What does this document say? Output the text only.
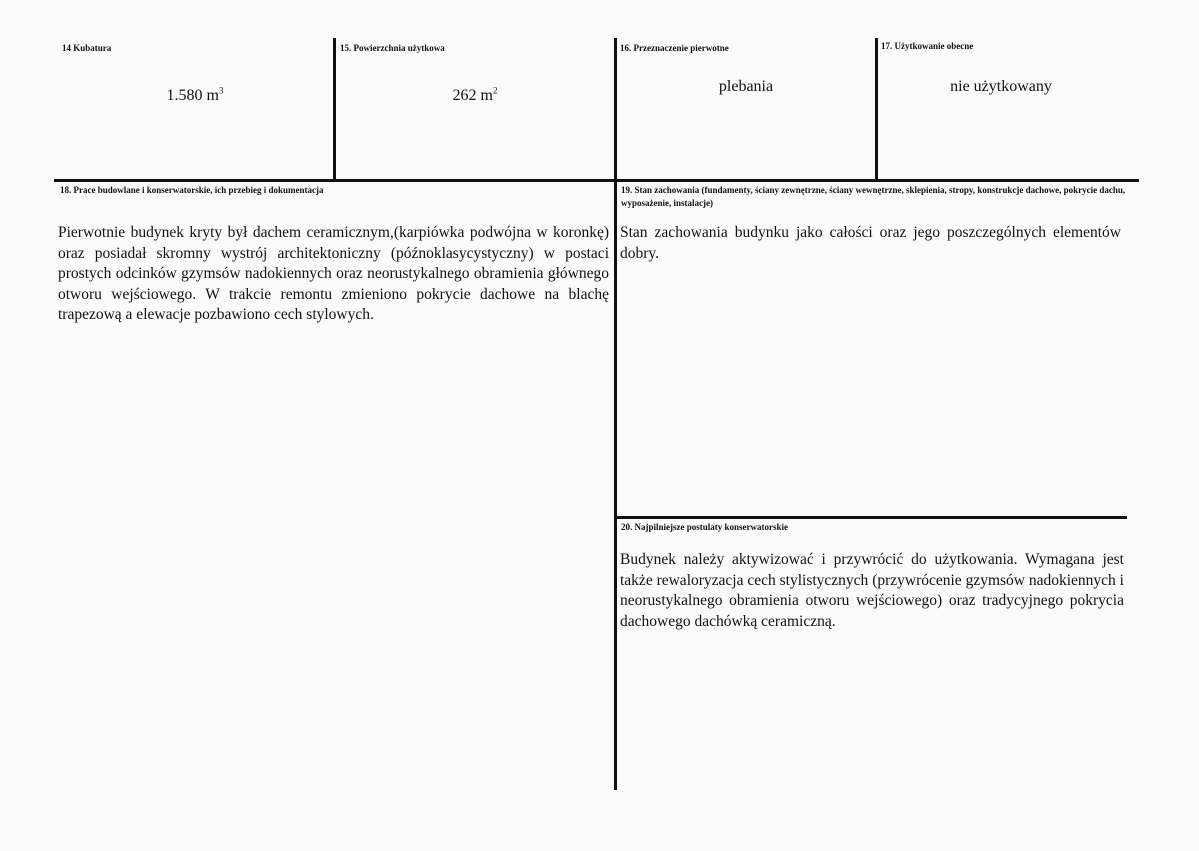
14 Kubatura
1.580 $m^3$
15. Powierzchnia użytkowa
262 $m^2$
16. Przeznaczenie pierwotne
plebania
17. Użytkowanie obecne
nie użytkowany
18. Prace budowlane i konserwatorskie, ich przebieg i dokumentacja
Pierwotnie budynek kryty był dachem ceramicznym,(karpiówka podwójna w koronkę) oraz posiadał skromny wystrój architektoniczny (późnoklasycystyczny) w postaci prostych odcinków gzymsów nadokiennych oraz neorustykalnego obramienia głównego otworu wejściowego. W trakcie remontu zmieniono pokrycie dachowe na blachę trapezową a elewacje pozbawiono cech stylowych.
19. Stan zachowania (fundamenty, ściany zewnętrzne, ściany wewnętrzne, sklepienia, stropy, konstrukcje dachowe, pokrycie dachu, wyposażenie, instalacje)
Stan zachowania budynku jako całości oraz jego poszczególnych elementów dobry.
20. Najpilniejsze postulaty konserwatorskie
Budynek należy aktywizować i przywrócić do użytkowania. Wymagana jest także rewaloryzacja cech stylistycznych (przywrócenie gzymsów nadokiennych i neorustykalnego obramienia otworu wejściowego) oraz tradycyjnego pokrycia dachowego dachówką ceramiczną.
